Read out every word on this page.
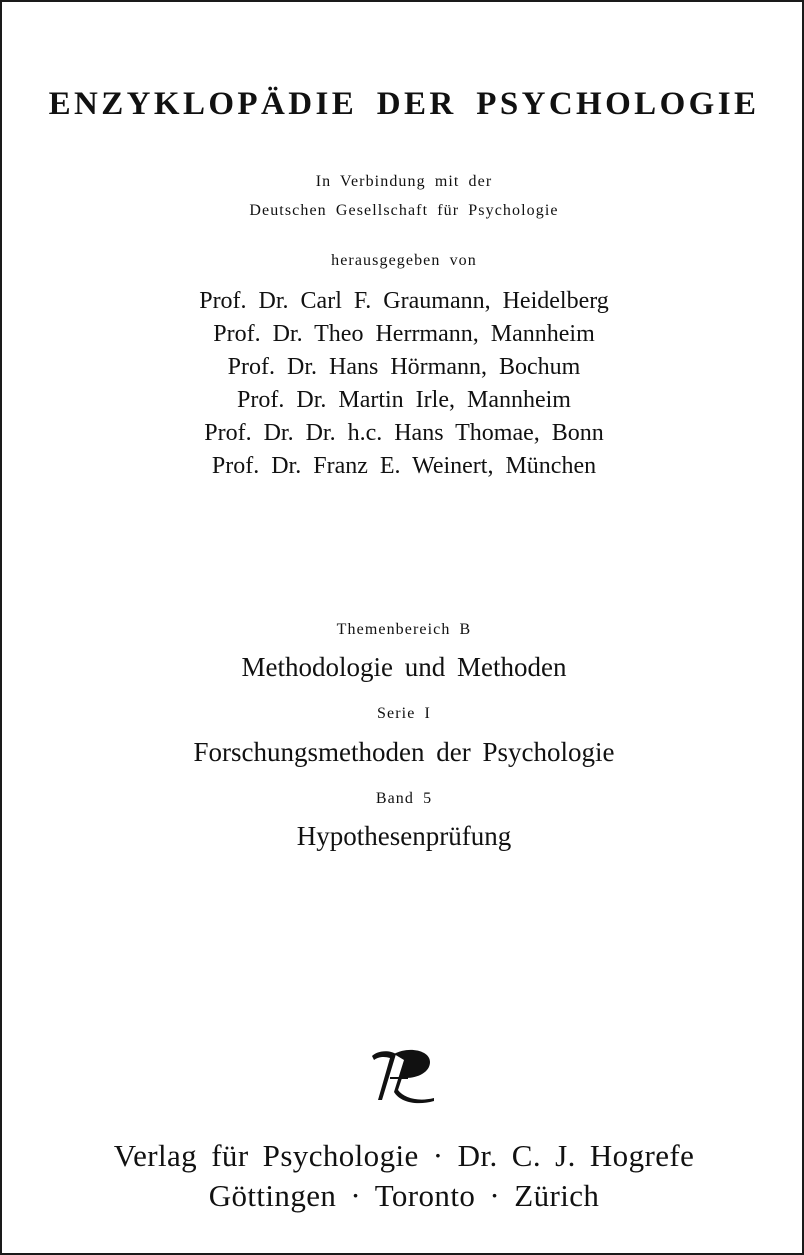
ENZYKLOPÄDIE DER PSYCHOLOGIE

In Verbindung mit der

Deutschen Gesellschaft für Psychologie

herausgegeben von

Prof. Dr. Carl F. Graumann, Heidelberg

Prof. Dr. Theo Herrmann, Mannheim

Prof. Dr. Hans Hörmann, Bochum

Prof. Dr. Martin Irle, Mannheim

Prof. Dr. Dr. h.c. Hans Thomae, Bonn

Prof. Dr. Franz E. Weinert, München

Themenbereich B

Methodologie und Methoden

Serie I

Forschungsmethoden der Psychologie

Band 5

Hypothesenprüfung

Verlag für Psychologie · Dr. C. J. Hogrefe

Göttingen · Toronto · Zürich
